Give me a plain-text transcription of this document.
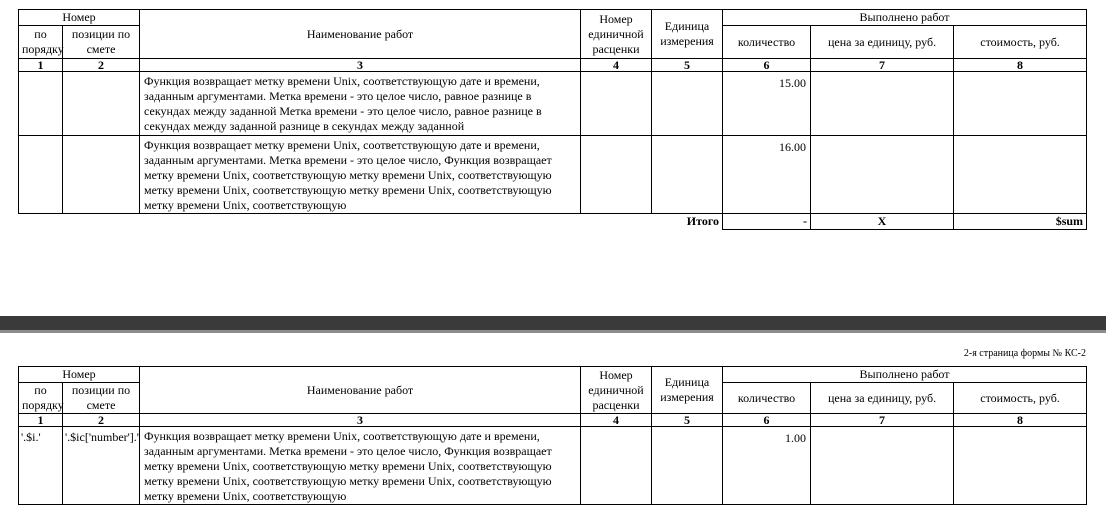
Номер		Наименование работ	Номер единичной расценки	Единица измерения	Выполнено работ		
по порядку	позиции по смете				количество	цена за единицу, руб.	стоимость, руб.
1	2	3	4	5	6	7	8
		Функция возвращает метку времени Unix, соответствующую дате и времени, заданным аргументами. Метка времени - это целое число, равное разнице в секундах между заданной Метка времени - это целое число, равное разнице в секундах между заданной разнице в секундах между заданной			15.00		
		Функция возвращает метку времени Unix, соответствующую дате и времени, заданным аргументами. Метка времени - это целое число, Функция возвращает метку времени Unix, соответствующую метку времени Unix, соответствующую метку времени Unix, соответствующую метку времени Unix, соответствующую метку времени Unix, соответствующую			16.00		
				Итого	-	X	$sum
2-я страница формы № КС-2
Номер		Наименование работ	Номер единичной расценки	Единица измерения	Выполнено работ		
по порядку	позиции по смете				количество	цена за единицу, руб.	стоимость, руб.
1	2	3	4	5	6	7	8
'.$i.'	'.$ic['number'].'	Функция возвращает метку времени Unix, соответствующую дате и времени, заданным аргументами. Метка времени - это целое число, Функция возвращает метку времени Unix, соответствующую метку времени Unix, соответствующую метку времени Unix, соответствующую метку времени Unix, соответствующую метку времени Unix, соответствующую			1.00		
